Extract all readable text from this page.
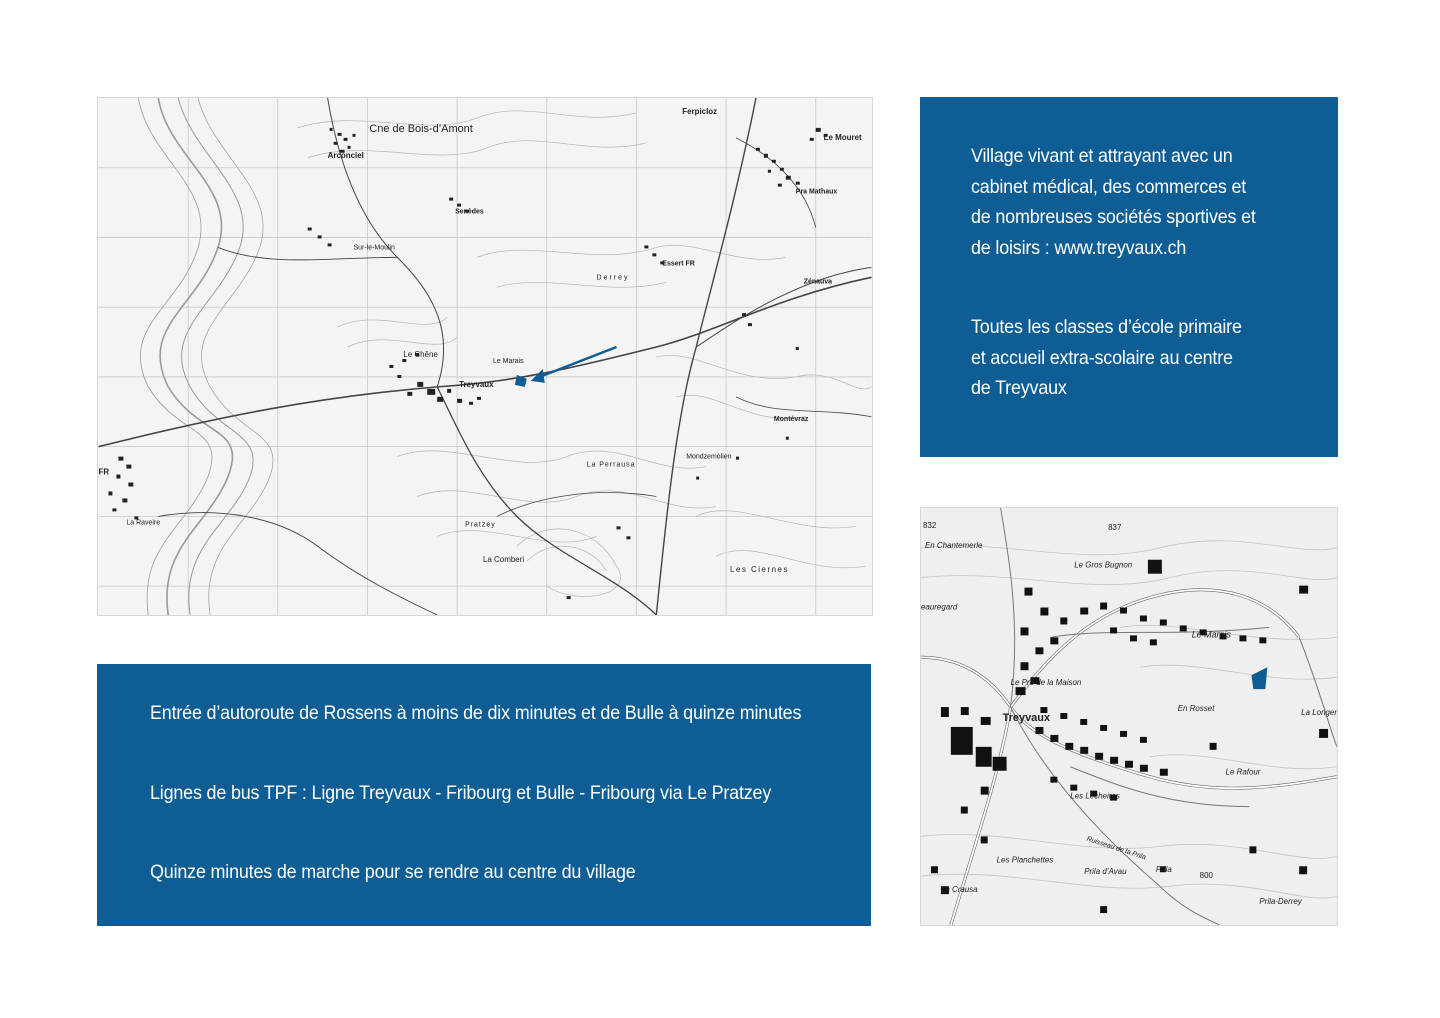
Cne de Bois-d’Amont
Arconciel
Ferpicloz
Le Mouret
Pra Mathaux
Senèdes
Sur-le-Moulin
Essert FR
Zénauva
Derrey
Le Marais
Treyvaux
Le Chêne
Montévraz
Mondzemolien
La Comberi
Les Ciernes
La Perrausa
Pratzey
La Raveire
FR

Village vivant et attrayant avec un cabinet médical, des commerces et de nombreuses sociétés sportives et de loisirs : www.treyvaux.ch

Toutes les classes d’école primaire et accueil extra-scolaire au centre de Treyvaux

Entrée d’autoroute de Rossens à moins de dix minutes et de Bulle à quinze minutes

Lignes de bus TPF : Ligne Treyvaux - Fribourg et Bulle - Fribourg via Le Pratzey

Quinze minutes de marche pour se rendre au centre du village

832	837
En Chantemerle
Le Gros Bugnon
eauregard
Le Marais
Le Pré de la Maison
Treyvaux
En Rosset	La Longer
Le Rafour
Les Lécheires
Ruisseau de la Prila
Les Planchettes
Prila d’Avau	Prila
800
La Crausa
Prila-Derrey
